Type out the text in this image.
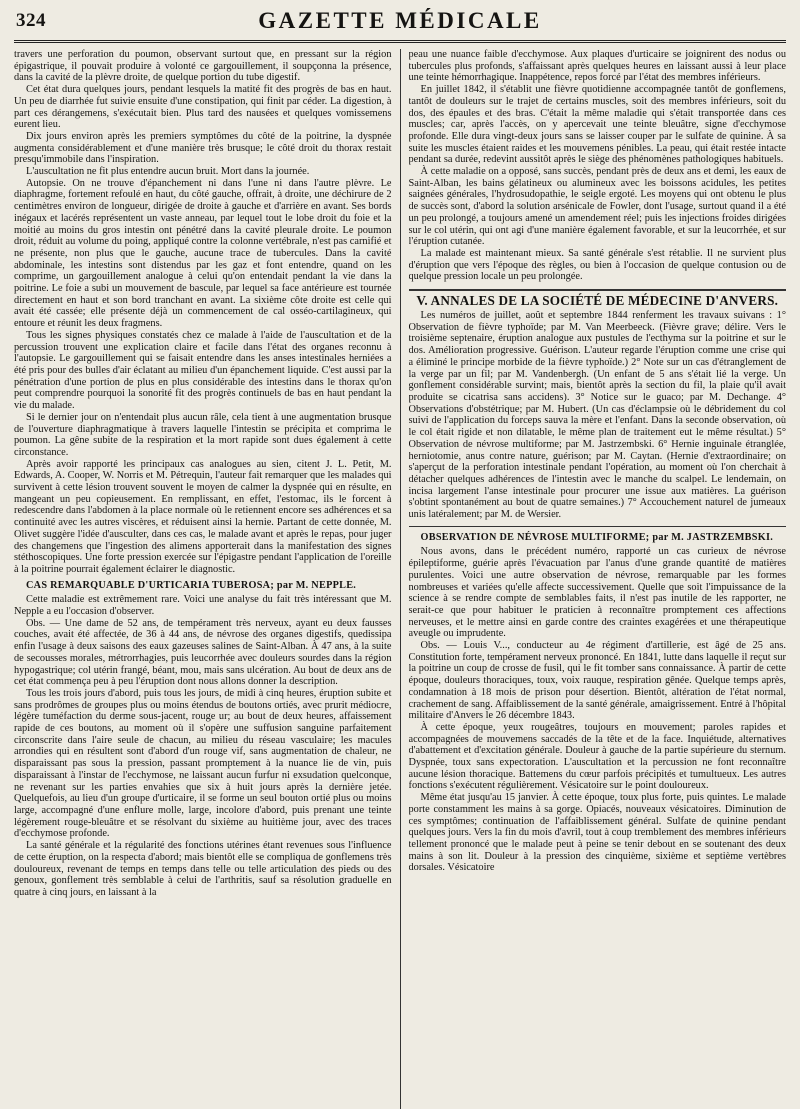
324	GAZETTE MÉDICALE

travers une perforation du poumon, observant surtout que, en pressant sur la région épigastrique, il pouvait produire à volonté ce gargouillement, il soupçonna la présence, dans la cavité de la plèvre droite, de quelque portion du tube digestif.

Cet état dura quelques jours, pendant lesquels la matité fit des progrès de bas en haut. Un peu de diarrhée fut suivie ensuite d'une constipation, qui finit par céder. La digestion, à part ces dérangemens, s'exécutait bien. Plus tard des nausées et quelques vomissemens eurent lieu.

Dix jours environ après les premiers symptômes du côté de la poitrine, la dyspnée augmenta considérablement et d'une manière très brusque; le côté droit du thorax restait presqu'immobile dans l'inspiration.

L'auscultation ne fit plus entendre aucun bruit. Mort dans la journée.

Autopsie. On ne trouve d'épanchement ni dans l'une ni dans l'autre plèvre. Le diaphragme, fortement refoulé en haut, du côté gauche, offrait, à droite, une déchirure de 2 centimètres environ de longueur, dirigée de droite à gauche et d'arrière en avant. Ses bords inégaux et lacérés représentent un vaste anneau, par lequel tout le lobe droit du foie et la moitié au moins du gros intestin ont pénétré dans la cavité pleurale droite. Le poumon droit, réduit au volume du poing, appliqué contre la colonne vertébrale, n'est pas carnifié et ne présente, non plus que le gauche, aucune trace de tubercules. Dans la cavité abdominale, les intestins sont distendus par les gaz et font entendre, quand on les comprime, un gargouillement analogue à celui qu'on entendait pendant la vie dans la poitrine. Le foie a subi un mouvement de bascule, par lequel sa face antérieure est tournée directement en haut et son bord tranchant en avant. La sixième côte droite est celle qui avait été cassée; elle présente déjà un commencement de cal osséo-cartilagineux, qui entoure et réunit les deux fragmens.

Tous les signes physiques constatés chez ce malade à l'aide de l'auscultation et de la percussion trouvent une explication claire et facile dans l'état des organes reconnu à l'autopsie. Le gargouillement qui se faisait entendre dans les anses intestinales herniées a été pris pour des bulles d'air éclatant au milieu d'un épanchement liquide. C'est aussi par la pénétration d'une portion de plus en plus considérable des intestins dans le thorax qu'on peut comprendre pourquoi la sonorité fit des progrès continuels de bas en haut pendant la vie du malade.

Si le dernier jour on n'entendait plus aucun râle, cela tient à une augmentation brusque de l'ouverture diaphragmatique à travers laquelle l'intestin se précipita et comprima le poumon. La gêne subite de la respiration et la mort rapide sont dues également à cette circonstance.

Après avoir rapporté les principaux cas analogues au sien, citent J. L. Petit, M. Edwards, A. Cooper, W. Norris et M. Pétrequin, l'auteur fait remarquer que les malades qui survivent à cette lésion trouvent souvent le moyen de calmer la dyspnée qui en résulte, en mangeant un peu copieusement. En remplissant, en effet, l'estomac, ils le forcent à redescendre dans l'abdomen à la place normale où le retiennent encore ses adhérences et sa continuité avec les autres viscères, et réduisent ainsi la hernie. Partant de cette donnée, M. Olivet suggère l'idée d'ausculter, dans ces cas, le malade avant et après le repas, pour juger des changemens que l'ingestion des alimens apporterait dans la manifestation des signes stéthoscopiques. Une forte pression exercée sur l'épigastre pendant l'application de l'oreille à la poitrine pourrait également éclairer le diagnostic.

CAS REMARQUABLE D'URTICARIA TUBEROSA; par M. NEPPLE.

Cette maladie est extrêmement rare. Voici une analyse du fait très intéressant que M. Nepple a eu l'occasion d'observer.

Obs. — Une dame de 52 ans, de tempérament très nerveux, ayant eu deux fausses couches, avait été affectée, de 36 à 44 ans, de névrose des organes digestifs, quedissipa enfin l'usage à deux saisons des eaux gazeuses salines de Saint-Alban. À 47 ans, à la suite de secousses morales, métrorrhagies, puis leucorrhée avec douleurs sourdes dans la région hypogastrique; col utérin frangé, béant, mou, mais sans ulcération. Au bout de deux ans de cet état commença peu à peu l'éruption dont nous allons donner la description.

Tous les trois jours d'abord, puis tous les jours, de midi à cinq heures, éruption subite et sans prodrômes de groupes plus ou moins étendus de boutons ortiés, avec prurit médiocre, légère tuméfaction du derme sous-jacent, rouge ur; au bout de deux heures, affaissement rapide de ces boutons, au moment où il s'opère une suffusion sanguine parfaitement circonscrite dans l'aire seule de chacun, au milieu du réseau vasculaire; les macules arrondies qui en résultent sont d'abord d'un rouge vif, sans augmentation de chaleur, ne disparaissant pas sous la pression, passant promptement à la nuance lie de vin, puis disparaissant à l'instar de l'ecchymose, ne laissant aucun furfur ni exsudation quelconque, ne revenant sur les parties envahies que six à huit jours après la dernière jetée. Quelquefois, au lieu d'un groupe d'urticaire, il se forme un seul bouton ortié plus ou moins large, accompagné d'une enflure molle, large, incolore d'abord, puis prenant une teinte légèrement rouge-bleuâtre et se résolvant du sixième au huitième jour, avec des traces d'ecchymose profonde.

La santé générale et la régularité des fonctions utérines étant revenues sous l'influence de cette éruption, on la respecta d'abord; mais bientôt elle se compliqua de gonflemens très douloureux, revenant de temps en temps dans telle ou telle articulation des pieds ou des genoux, gonflement très semblable à celui de l'arthritis, sauf sa résolution graduelle en quatre à cinq jours, en laissant à la

peau une nuance faible d'ecchymose. Aux plaques d'urticaire se joignirent des nodus ou tubercules plus profonds, s'affaissant après quelques heures en laissant aussi à leur place une teinte hémorrhagique. Inappétence, repos forcé par l'état des membres inférieurs.

En juillet 1842, il s'établit une fièvre quotidienne accompagnée tantôt de gonflemens, tantôt de douleurs sur le trajet de certains muscles, soit des membres inférieurs, soit du dos, des épaules et des bras. C'était la même maladie qui s'était transportée dans ces muscles; car, après l'accès, on y apercevait une teinte bleuâtre, signe d'ecchymose profonde. Elle dura vingt-deux jours sans se laisser couper par le sulfate de quinine. À sa suite les muscles étaient raides et les mouvemens pénibles. La peau, qui était restée intacte pendant sa durée, redevint aussitôt après le siège des phénomènes pathologiques habituels.

À cette maladie on a opposé, sans succès, pendant près de deux ans et demi, les eaux de Saint-Alban, les bains gélatineux ou alumineux avec les boissons acidules, les petites saignées générales, l'hydrosudopathie, le seigle ergoté. Les moyens qui ont obtenu le plus de succès sont, d'abord la solution arsénicale de Fowler, dont l'usage, surtout quand il a été un peu prolongé, a toujours amené un amendement réel; puis les injections froides dirigées sur le col utérin, qui ont agi d'une manière également favorable, et sur la leucorrhée, et sur l'éruption cutanée.

La malade est maintenant mieux. Sa santé générale s'est rétablie. Il ne survient plus d'éruption que vers l'époque des règles, ou bien à l'occasion de quelque contusion ou de quelque pression locale un peu prolongée.

V. ANNALES DE LA SOCIÉTÉ DE MÉDECINE D'ANVERS.

Les numéros de juillet, août et septembre 1844 renferment les travaux suivans : 1° Observation de fièvre typhoïde; par M. Van Meerbeeck. (Fièvre grave; délire. Vers le troisième septenaire, éruption analogue aux pustules de l'ecthyma sur la poitrine et sur le dos. Amélioration progressive. Guérison. L'auteur regarde l'éruption comme une crise qui a éliminé le principe morbide de la fièvre typhoïde.) 2° Note sur un cas d'étranglement de la verge par un fil; par M. Vandenbergh. (Un enfant de 5 ans s'était lié la verge. Un gonflement considérable survint; mais, bientôt après la section du fil, la plaie qu'il avait produite se cicatrisa sans accidens). 3° Notice sur le guaco; par M. Dechange. 4° Observations d'obstétrique; par M. Hubert. (Un cas d'éclampsie où le débridement du col suivi de l'application du forceps sauva la mère et l'enfant. Dans la seconde observation, où le col était rigide et non dilatable, le même plan de traitement eut le même résultat.) 5° Observation de névrose multiforme; par M. Jastrzembski. 6° Hernie inguinale étranglée, herniotomie, anus contre nature, guérison; par M. Caytan. (Hernie d'extraordinaire; on s'aperçut de la perforation intestinale pendant l'opération, au moment où l'on cherchait à détacher quelques adhérences de l'intestin avec le manche du scalpel. Le lendemain, on incisa largement l'anse intestinale pour procurer une issue aux matières. La guérison s'obtint spontanément au bout de quatre semaines.) 7° Accouchement naturel de jumeaux unis latéralement; par M. de Wersier.

OBSERVATION DE NÉVROSE MULTIFORME; par M. JASTRZEMBSKI.

Nous avons, dans le précédent numéro, rapporté un cas curieux de névrose épileptiforme, guérie après l'évacuation par l'anus d'une grande quantité de matières purulentes. Voici une autre observation de névrose, remarquable par les formes nombreuses et variées qu'elle affecte successivement. Quelle que soit l'impuissance de la science à se rendre compte de semblables faits, il n'est pas inutile de les rapporter, ne serait-ce que pour habituer le praticien à reconnaître promptement ces affections nerveuses, et le mettre ainsi en garde contre des craintes exagérées et une thérapeutique aveugle ou imprudente.

Obs. — Louis V..., conducteur au 4e régiment d'artillerie, est âgé de 25 ans. Constitution forte, tempérament nerveux prononcé. En 1841, lutte dans laquelle il reçut sur la poitrine un coup de crosse de fusil, qui le fit tomber sans connaissance. À partir de cette époque, douleurs thoraciques, toux, voix rauque, respiration gênée. Quelque temps après, condamnation à 18 mois de prison pour désertion. Bientôt, altération de l'état normal, crachement de sang. Affaiblissement de la santé générale, amaigrissement. Entré à l'hôpital militaire d'Anvers le 26 décembre 1843.

À cette époque, yeux rougeâtres, toujours en mouvement; paroles rapides et accompagnées de mouvemens saccadés de la tête et de la face. Inquiétude, alternatives d'abattement et d'excitation générale. Douleur à gauche de la partie supérieure du sternum. Dyspnée, toux sans expectoration. L'auscultation et la percussion ne font reconnaître aucune lésion thoracique. Battemens du cœur parfois précipités et tumultueux. Les autres fonctions s'exécutent régulièrement. Vésicatoire sur le point douloureux.

Même état jusqu'au 15 janvier. À cette époque, toux plus forte, puis quintes. Le malade porte constamment les mains à sa gorge. Opiacés, nouveaux vésicatoires. Diminution de ces symptômes; continuation de l'affaiblissement général. Sulfate de quinine pendant quelques jours. Vers la fin du mois d'avril, tout à coup tremblement des membres inférieurs tellement prononcé que le malade peut à peine se tenir debout en se soutenant des deux mains à son lit. Douleur à la pression des cinquième, sixième et septième vertèbres dorsales. Vésicatoire
